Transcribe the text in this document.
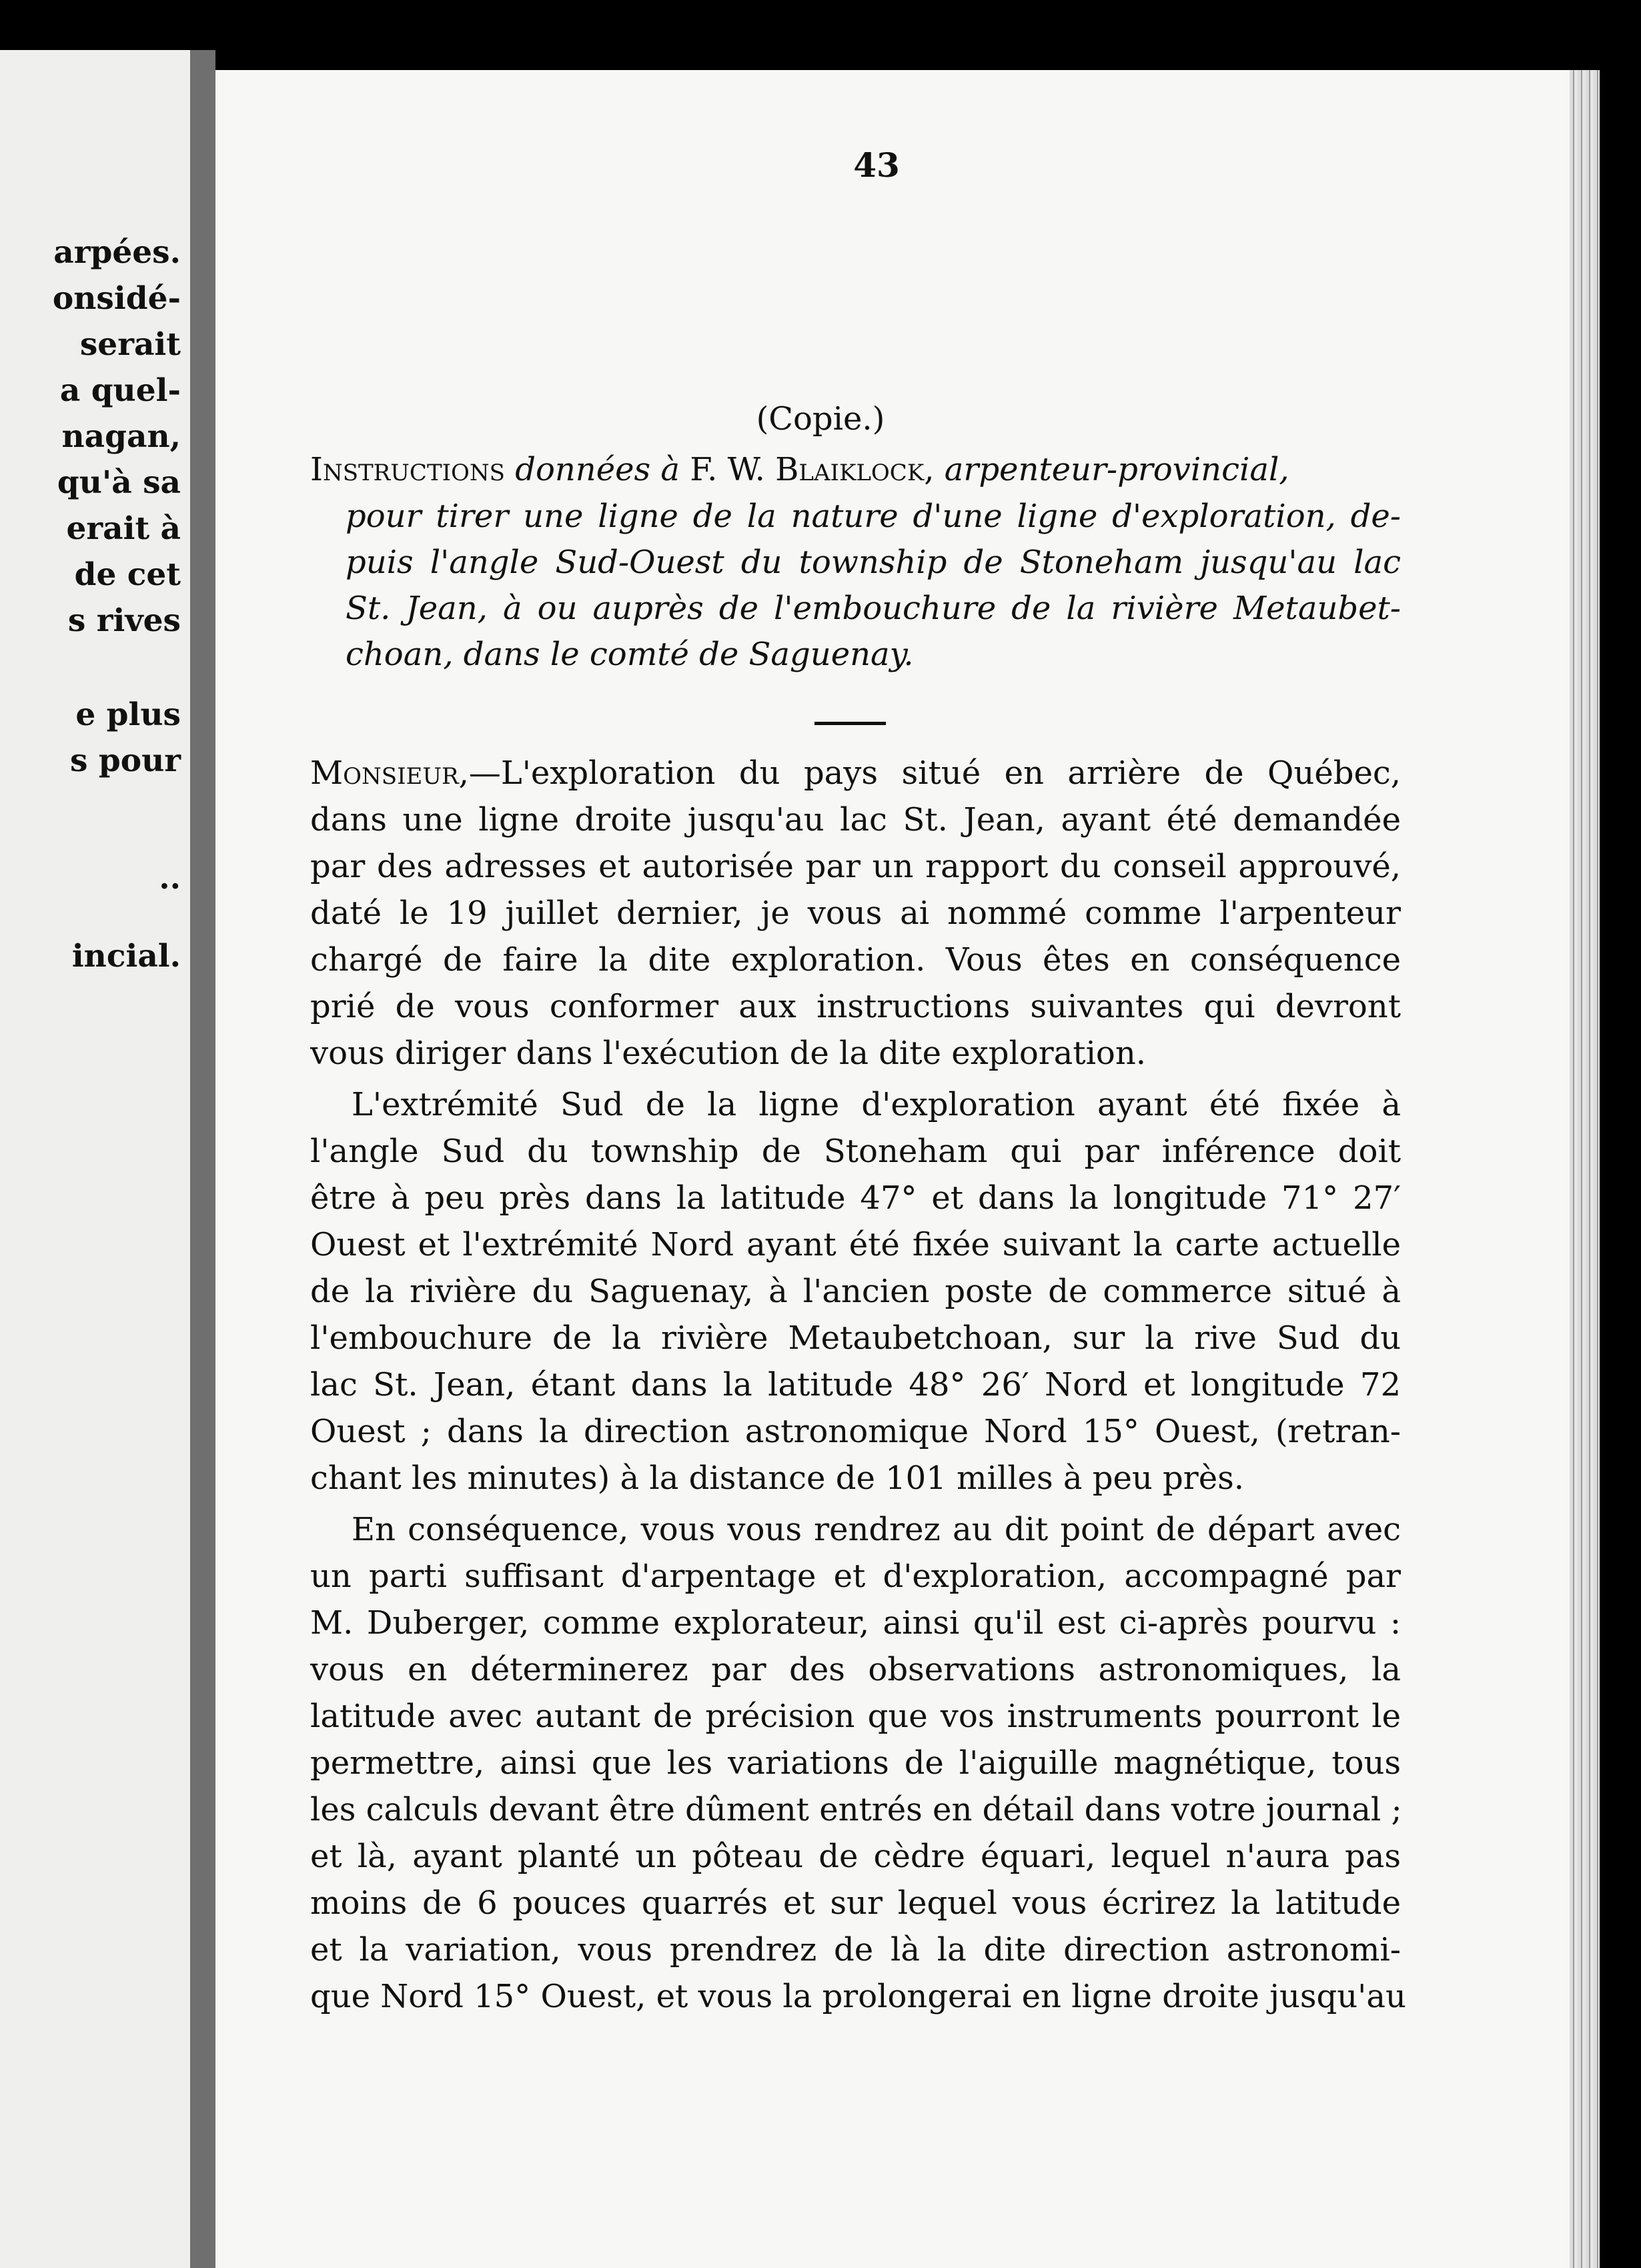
arpées.
onsidé-
serait
a quel-
nagan,
qu'à sa
erait à
de cet
s rives
e plus
s pour
..
incial.
43
(Copie.)
Instructions données à F. W. Blaiklock, arpenteur-provincial,
pour tirer une ligne de la nature d'une ligne d'exploration, de-
puis l'angle Sud-Ouest du township de Stoneham jusqu'au lac
St. Jean, à ou auprès de l'embouchure de la rivière Metaubet-
choan, dans le comté de Saguenay.
Monsieur,—L'exploration du pays situé en arrière de Québec,
dans une ligne droite jusqu'au lac St. Jean, ayant été demandée
par des adresses et autorisée par un rapport du conseil approuvé,
daté le 19 juillet dernier, je vous ai nommé comme l'arpenteur
chargé de faire la dite exploration. Vous êtes en conséquence
prié de vous conformer aux instructions suivantes qui devront
vous diriger dans l'exécution de la dite exploration.
L'extrémité Sud de la ligne d'exploration ayant été fixée à
l'angle Sud du township de Stoneham qui par inférence doit
être à peu près dans la latitude 47° et dans la longitude 71° 27′
Ouest et l'extrémité Nord ayant été fixée suivant la carte actuelle
de la rivière du Saguenay, à l'ancien poste de commerce situé à
l'embouchure de la rivière Metaubetchoan, sur la rive Sud du
lac St. Jean, étant dans la latitude 48° 26′ Nord et longitude 72
Ouest ; dans la direction astronomique Nord 15° Ouest, (retran-
chant les minutes) à la distance de 101 milles à peu près.
En conséquence, vous vous rendrez au dit point de départ avec
un parti suffisant d'arpentage et d'exploration, accompagné par
M. Duberger, comme explorateur, ainsi qu'il est ci-après pourvu :
vous en déterminerez par des observations astronomiques, la
latitude avec autant de précision que vos instruments pourront le
permettre, ainsi que les variations de l'aiguille magnétique, tous
les calculs devant être dûment entrés en détail dans votre journal ;
et là, ayant planté un pôteau de cèdre équari, lequel n'aura pas
moins de 6 pouces quarrés et sur lequel vous écrirez la latitude
et la variation, vous prendrez de là la dite direction astronomi-
que Nord 15° Ouest, et vous la prolongerai en ligne droite jusqu'au
